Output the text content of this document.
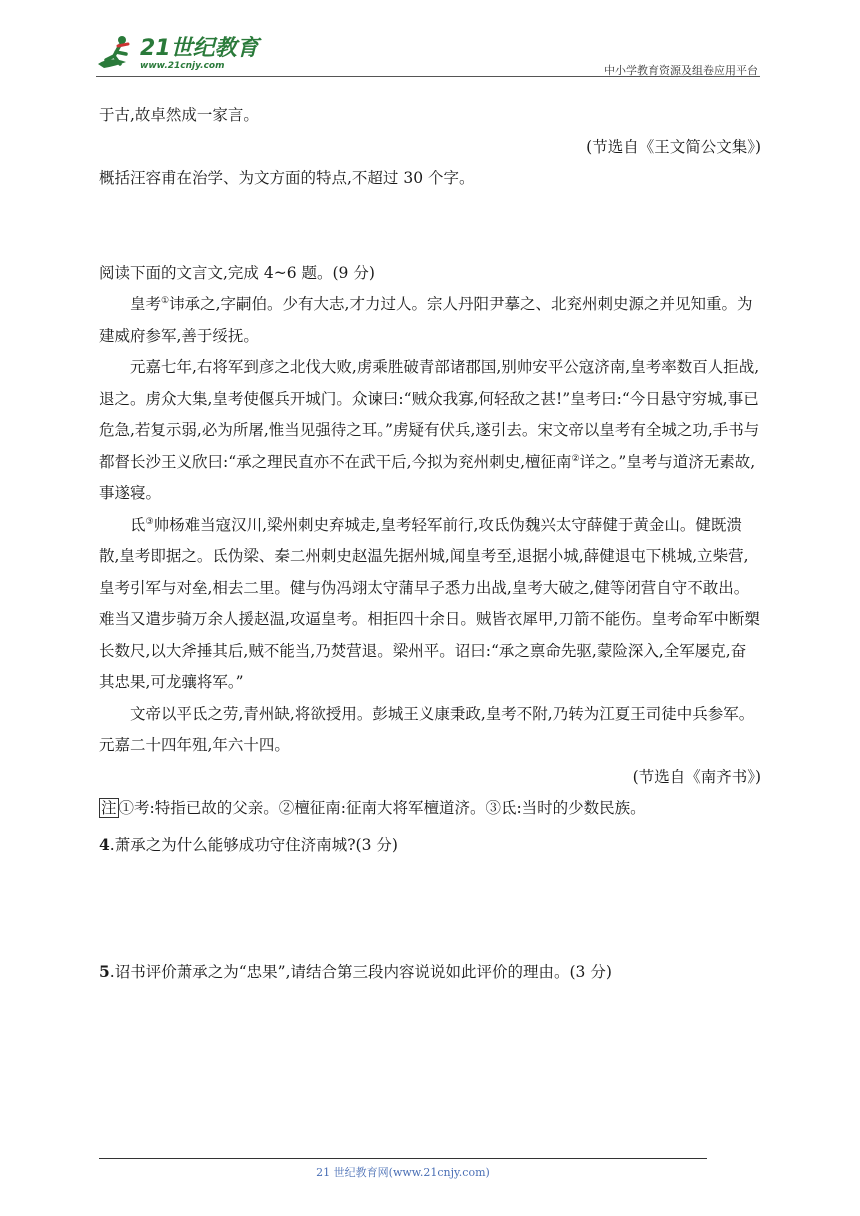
21世纪教育
www.21cnjy.com	中小学教育资源及组卷应用平台

于古,故卓然成一家言。

(节选自《王文简公文集》)

概括汪容甫在治学、为文方面的特点,不超过 30 个字。

阅读下面的文言文,完成 4~6 题。(9 分)

皇考①讳承之,字嗣伯。少有大志,才力过人。宗人丹阳尹摹之、北兖州刺史源之并见知重。为建威府参军,善于绥抚。

元嘉七年,右将军到彦之北伐大败,虏乘胜破青部诸郡国,别帅安平公寇济南,皇考率数百人拒战,退之。虏众大集,皇考使偃兵开城门。众谏曰:“贼众我寡,何轻敌之甚!”皇考曰:“今日悬守穷城,事已危急,若复示弱,必为所屠,惟当见强待之耳。”虏疑有伏兵,遂引去。宋文帝以皇考有全城之功,手书与都督长沙王义欣曰:“承之理民直亦不在武干后,今拟为兖州刺史,檀征南②详之。”皇考与道济无素故,事遂寝。

氐③帅杨难当寇汉川,梁州刺史弃城走,皇考轻军前行,攻氐伪魏兴太守薛健于黄金山。健既溃散,皇考即据之。氐伪梁、秦二州刺史赵温先据州城,闻皇考至,退据小城,薛健退屯下桃城,立柴营,皇考引军与对垒,相去二里。健与伪冯翊太守蒲早子悉力出战,皇考大破之,健等闭营自守不敢出。难当又遣步骑万余人援赵温,攻逼皇考。相拒四十余日。贼皆衣犀甲,刀箭不能伤。皇考命军中断槊长数尺,以大斧捶其后,贼不能当,乃焚营退。梁州平。诏曰:“承之禀命先驱,蒙险深入,全军屡克,奋其忠果,可龙骧将军。”

文帝以平氐之劳,青州缺,将欲授用。彭城王义康秉政,皇考不附,乃转为江夏王司徒中兵参军。元嘉二十四年殂,年六十四。

(节选自《南齐书》)

注 ①考:特指已故的父亲。②檀征南:征南大将军檀道济。③氐:当时的少数民族。

4.萧承之为什么能够成功守住济南城?(3 分)

5.诏书评价萧承之为“忠果”,请结合第三段内容说说如此评价的理由。(3 分)

21 世纪教育网(www.21cnjy.com)
